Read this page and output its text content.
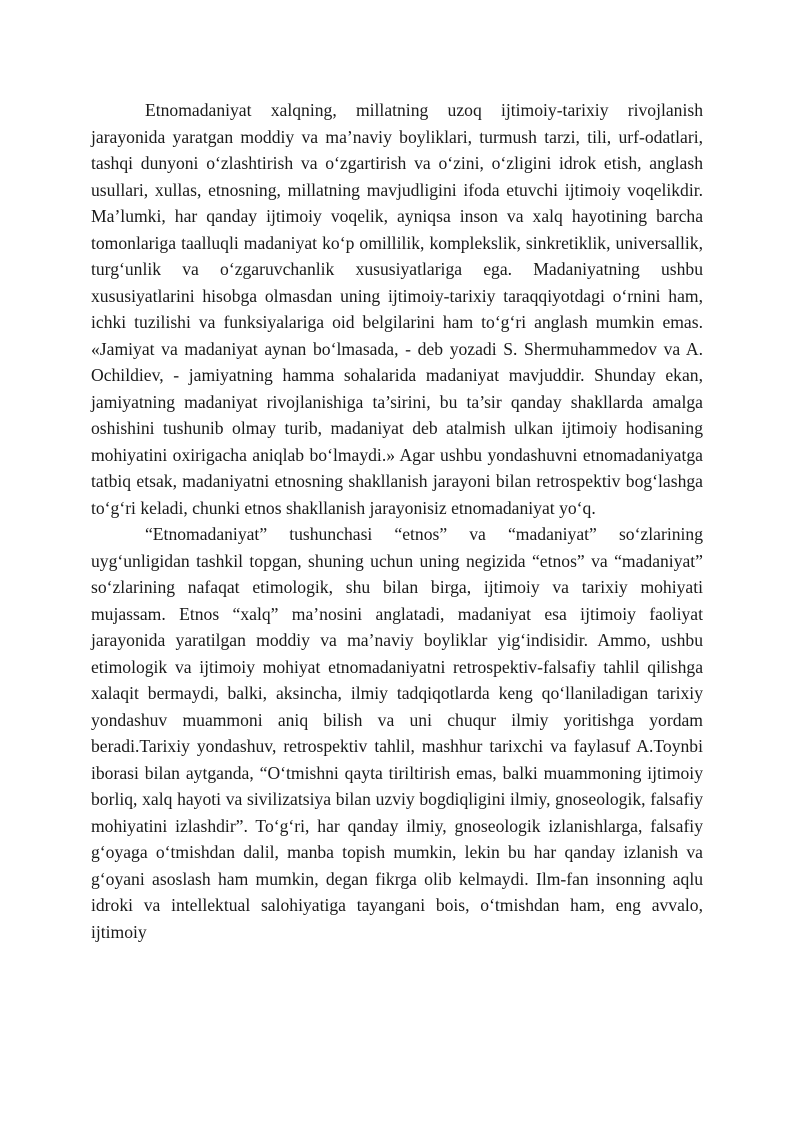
Etnomadaniyat xalqning, millatning uzoq ijtimoiy-tarixiy rivojlanish jarayonida yaratgan moddiy va ma’naviy boyliklari, turmush tarzi, tili, urf-odatlari, tashqi dunyoni o‘zlashtirish va o‘zgartirish va o‘zini, o‘zligini idrok etish, anglash usullari, xullas, etnosning, millatning mavjudligini ifoda etuvchi ijtimoiy voqelikdir. Ma’lumki, har qanday ijtimoiy voqelik, ayniqsa inson va xalq hayotining barcha tomonlariga taalluqli madaniyat ko‘p omillilik, komplekslik, sinkretiklik, universallik, turg‘unlik va o‘zgaruvchanlik xususiyatlariga ega. Madaniyatning ushbu xususiyatlarini hisobga olmasdan uning ijtimoiy-tarixiy taraqqiyotdagi o‘rnini ham, ichki tuzilishi va funksiyalariga oid belgilarini ham to‘g‘ri anglash mumkin emas. «Jamiyat va madaniyat aynan bo‘lmasada, - deb yozadi S. Shermuhammedov va A. Ochildiev, - jamiyatning hamma sohalarida madaniyat mavjuddir. Shunday ekan, jamiyatning madaniyat rivojlanishiga ta’sirini, bu ta’sir qanday shakllarda amalga oshishini tushunib olmay turib, madaniyat deb atalmish ulkan ijtimoiy hodisaning mohiyatini oxirigacha aniqlab bo‘lmaydi.» Agar ushbu yondashuvni etnomadaniyatga tatbiq etsak, madaniyatni etnosning shakllanish jarayoni bilan retrospektiv bog‘lashga to‘g‘ri keladi, chunki etnos shakllanish jarayonisiz etnomadaniyat yo‘q.

“Etnomadaniyat” tushunchasi “etnos” va “madaniyat” so‘zlarining uyg‘unligidan tashkil topgan, shuning uchun uning negizida “etnos” va “madaniyat” so‘zlarining nafaqat etimologik, shu bilan birga, ijtimoiy va tarixiy mohiyati mujassam. Etnos “xalq” ma’nosini anglatadi, madaniyat esa ijtimoiy faoliyat jarayonida yaratilgan moddiy va ma’naviy boyliklar yig‘indisidir. Ammo, ushbu etimologik va ijtimoiy mohiyat etnomadaniyatni retrospektiv-falsafiy tahlil qilishga xalaqit bermaydi, balki, aksincha, ilmiy tadqiqotlarda keng qo‘llaniladigan tarixiy yondashuv muammoni aniq bilish va uni chuqur ilmiy yoritishga yordam beradi.Tarixiy yondashuv, retrospektiv tahlil, mashhur tarixchi va faylasuf A.Toynbi iborasi bilan aytganda, “O‘tmishni qayta tiriltirish emas, balki muammoning ijtimoiy borliq, xalq hayoti va sivilizatsiya bilan uzviy bogdiqligini ilmiy, gnoseologik, falsafiy mohiyatini izlashdir”. To‘g‘ri, har qanday ilmiy, gnoseologik izlanishlarga, falsafiy g‘oyaga o‘tmishdan dalil, manba topish mumkin, lekin bu har qanday izlanish va g‘oyani asoslash ham mumkin, degan fikrga olib kelmaydi. Ilm-fan insonning aqlu idroki va intellektual salohiyatiga tayangani bois, o‘tmishdan ham, eng avvalo, ijtimoiy
